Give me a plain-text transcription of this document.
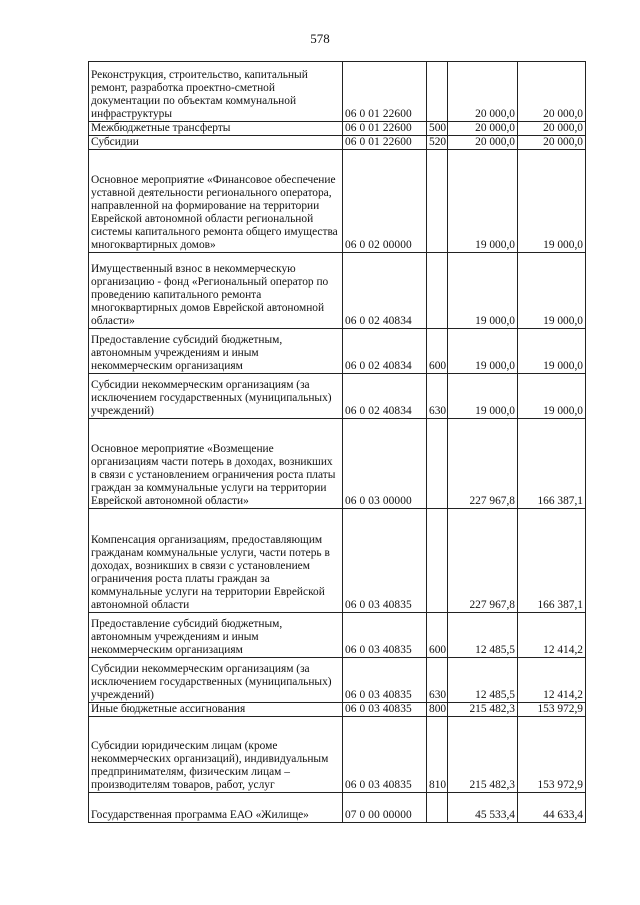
578
Реконструкция, строительство, капитальный ремонт, разработка проектно-сметной документации по объектам коммунальной инфраструктуры	06 0 01 22600		20 000,0	20 000,0

Межбюджетные трансферты	06 0 01 22600	500	20 000,0	20 000,0

Субсидии	06 0 01 22600	520	20 000,0	20 000,0

Основное мероприятие «Финансовое обеспечение уставной деятельности регионального оператора, направленной на формирование на территории Еврейской автономной области региональной системы капитального ремонта общего имущества многоквартирных домов»	06 0 02 00000		19 000,0	19 000,0

Имущественный взнос в некоммерческую организацию - фонд «Региональный оператор по проведению капитального ремонта многоквартирных домов Еврейской автономной области»	06 0 02 40834		19 000,0	19 000,0

Предоставление субсидий бюджетным, автономным учреждениям и иным некоммерческим организациям	06 0 02 40834	600	19 000,0	19 000,0

Субсидии некоммерческим организациям (за исключением государственных (муниципальных) учреждений)	06 0 02 40834	630	19 000,0	19 000,0

Основное мероприятие «Возмещение организациям части потерь в доходах, возникших в связи с установлением ограничения роста платы граждан за коммунальные услуги на территории Еврейской автономной области»	06 0 03 00000		227 967,8	166 387,1

Компенсация организациям, предоставляющим гражданам коммунальные услуги, части потерь в доходах, возникших в связи с установлением ограничения роста платы граждан за коммунальные услуги на территории Еврейской автономной области	06 0 03 40835		227 967,8	166 387,1

Предоставление субсидий бюджетным, автономным учреждениям и иным некоммерческим организациям	06 0 03 40835	600	12 485,5	12 414,2

Субсидии некоммерческим организациям (за исключением государственных (муниципальных) учреждений)	06 0 03 40835	630	12 485,5	12 414,2

Иные бюджетные ассигнования	06 0 03 40835	800	215 482,3	153 972,9

Субсидии юридическим лицам (кроме некоммерческих организаций), индивидуальным предпринимателям, физическим лицам – производителям товаров, работ, услуг	06 0 03 40835	810	215 482,3	153 972,9

Государственная программа ЕАО «Жилище»	07 0 00 00000		45 533,4	44 633,4
